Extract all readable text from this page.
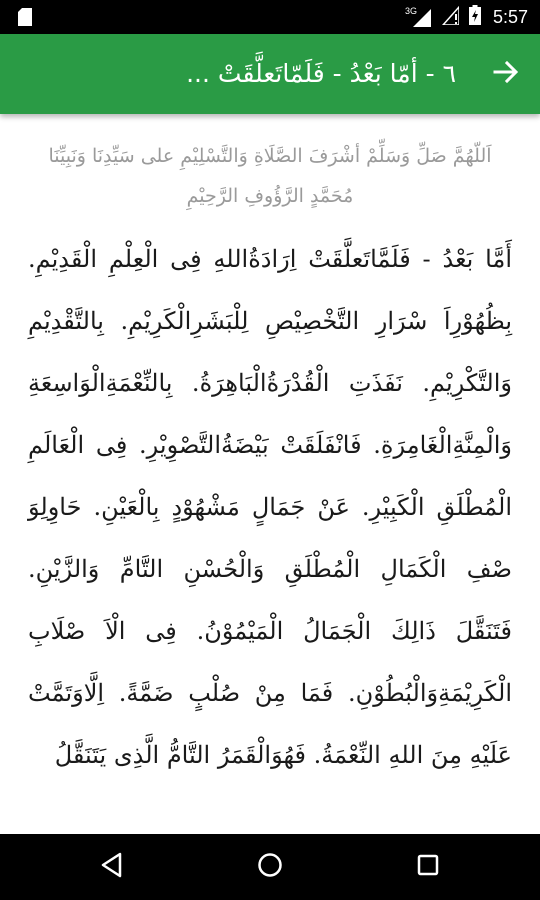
3G	5:57
٦ - أمّا بَعْدُ - فَلَمّاتَعلَّقَتْ ...

اَللّهُمَّ صَلِّ وَسَلِّمْ أشْرَفَ الصَّلَاةِ وَالتَّسْلِيْمِ على سَيِّدِنَا وَنَبِيِّنَا مُحَمَّدٍ الرَّؤُوفِ الرَّحِيْمِ

أَمَّا بَعْدُ - فَلَمَّاتَعلَّقَتْ اِرَادَةُاللهِ فِى الْعِلْمِ الْقَدِيْمِ. بِظُهُوْرِاَ سْرَارِ التَّخْصِيْصِ لِلْبَشَرِالْكَرِيْمِ. بِالتَّقْدِيْمِ وَالتَّكْرِيْمِ. نَفَذَتِ الْقُدْرَةُالْبَاهِرَةُ. بِالنِّعْمَةِالْوَاسِعَةِ وَالْمِنَّةِالْغَامِرَةِ. فَانْفَلَقَتْ بَيْضَةُالتَّصْوِيْرِ. فِى الْعَالَمِ الْمُطْلَقِ الْكَبِيْرِ. عَنْ جَمَالٍ مَشْهُوْدٍ بِالْعَيْنِ. حَاوِلِوَ صْفِ الْكَمَالِ الْمُطْلَقِ وَالْحُسْنِ التَّامِّ وَالزَّيْنِ. فَتَنَقَّلَ ذَالِكَ الْجَمَالُ الْمَيْمُوْنُ. فِى الْاَ صْلَابِ الْكَرِيْمَةِوَالْبُطُوْنِ. فَمَا مِنْ صُلْبٍ ضَمَّةً. اِلَّاوَتَمَّتْ عَلَيْهِ مِنَ اللهِ النِّعْمَةُ. فَهُوَالْقَمَرُ التَّامُّ الَّذِى يَتَنَقَّلُ
